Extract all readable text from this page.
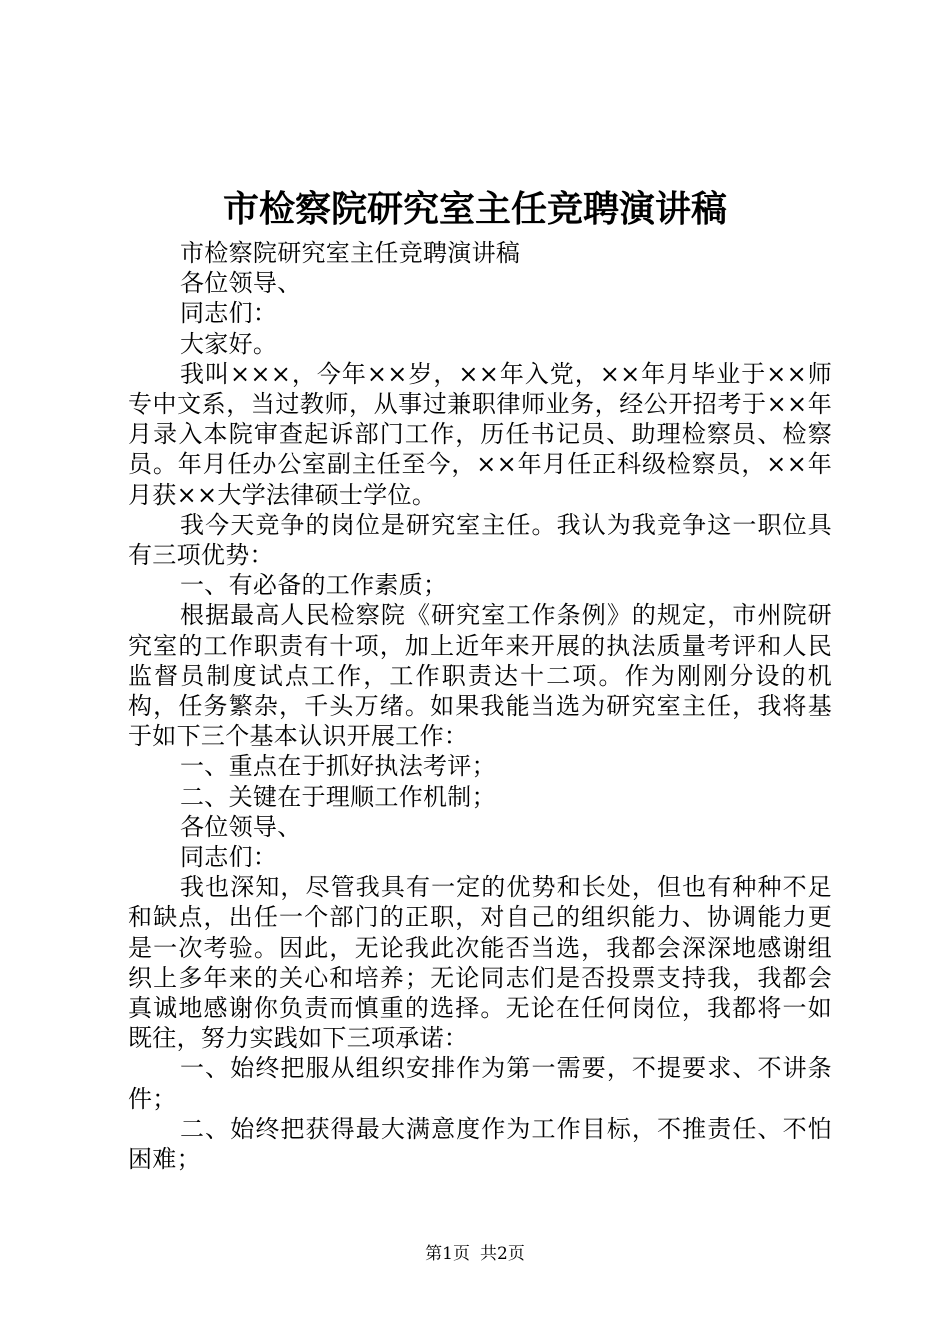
市检察院研究室主任竞聘演讲稿

市检察院研究室主任竞聘演讲稿

各位领导、

同志们：

大家好。

我叫×××，今年××岁，××年入党，××年月毕业于××师专中文系，当过教师，从事过兼职律师业务，经公开招考于××年月录入本院审查起诉部门工作，历任书记员、助理检察员、检察员。年月任办公室副主任至今，××年月任正科级检察员，××年月获××大学法律硕士学位。

我今天竞争的岗位是研究室主任。我认为我竞争这一职位具有三项优势：

一、有必备的工作素质；

根据最高人民检察院《研究室工作条例》的规定，市州院研究室的工作职责有十项，加上近年来开展的执法质量考评和人民监督员制度试点工作，工作职责达十二项。作为刚刚分设的机构，任务繁杂，千头万绪。如果我能当选为研究室主任，我将基于如下三个基本认识开展工作：

一、重点在于抓好执法考评；

二、关键在于理顺工作机制；

各位领导、

同志们：

我也深知，尽管我具有一定的优势和长处，但也有种种不足和缺点，出任一个部门的正职，对自己的组织能力、协调能力更是一次考验。因此，无论我此次能否当选，我都会深深地感谢组织上多年来的关心和培养；无论同志们是否投票支持我，我都会真诚地感谢你负责而慎重的选择。无论在任何岗位，我都将一如既往，努力实践如下三项承诺：

一、始终把服从组织安排作为第一需要，不提要求、不讲条件；

二、始终把获得最大满意度作为工作目标，不推责任、不怕困难；

第1页 共2页
